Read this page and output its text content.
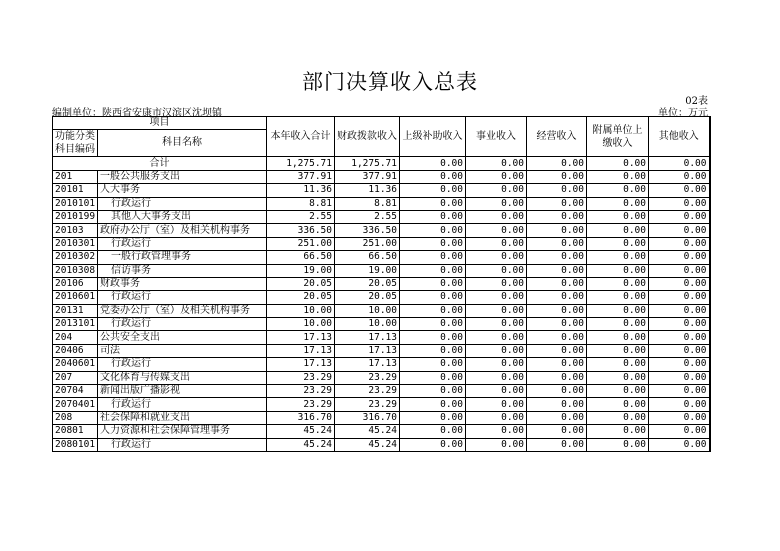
部门决算收入总表
02表
编制单位：陕西省安康市汉滨区沈坝镇	单位：万元
项目		本年收入合计	财政拨款收入	上级补助收入	事业收入	经营收入	附属单位上缴收入	其他收入
功能分类科目编码	科目名称							

合计		1,275.71	1,275.71	0.00	0.00	0.00	0.00	0.00
201	一般公共服务支出	377.91	377.91	0.00	0.00	0.00	0.00	0.00
20101	人大事务	11.36	11.36	0.00	0.00	0.00	0.00	0.00
2010101	行政运行	8.81	8.81	0.00	0.00	0.00	0.00	0.00
2010199	其他人大事务支出	2.55	2.55	0.00	0.00	0.00	0.00	0.00
20103	政府办公厅（室）及相关机构事务	336.50	336.50	0.00	0.00	0.00	0.00	0.00
2010301	行政运行	251.00	251.00	0.00	0.00	0.00	0.00	0.00
2010302	一般行政管理事务	66.50	66.50	0.00	0.00	0.00	0.00	0.00
2010308	信访事务	19.00	19.00	0.00	0.00	0.00	0.00	0.00
20106	财政事务	20.05	20.05	0.00	0.00	0.00	0.00	0.00
2010601	行政运行	20.05	20.05	0.00	0.00	0.00	0.00	0.00
20131	党委办公厅（室）及相关机构事务	10.00	10.00	0.00	0.00	0.00	0.00	0.00
2013101	行政运行	10.00	10.00	0.00	0.00	0.00	0.00	0.00
204	公共安全支出	17.13	17.13	0.00	0.00	0.00	0.00	0.00
20406	司法	17.13	17.13	0.00	0.00	0.00	0.00	0.00
2040601	行政运行	17.13	17.13	0.00	0.00	0.00	0.00	0.00
207	文化体育与传媒支出	23.29	23.29	0.00	0.00	0.00	0.00	0.00
20704	新闻出版广播影视	23.29	23.29	0.00	0.00	0.00	0.00	0.00
2070401	行政运行	23.29	23.29	0.00	0.00	0.00	0.00	0.00
208	社会保障和就业支出	316.70	316.70	0.00	0.00	0.00	0.00	0.00
20801	人力资源和社会保障管理事务	45.24	45.24	0.00	0.00	0.00	0.00	0.00
2080101	行政运行	45.24	45.24	0.00	0.00	0.00	0.00	0.00
